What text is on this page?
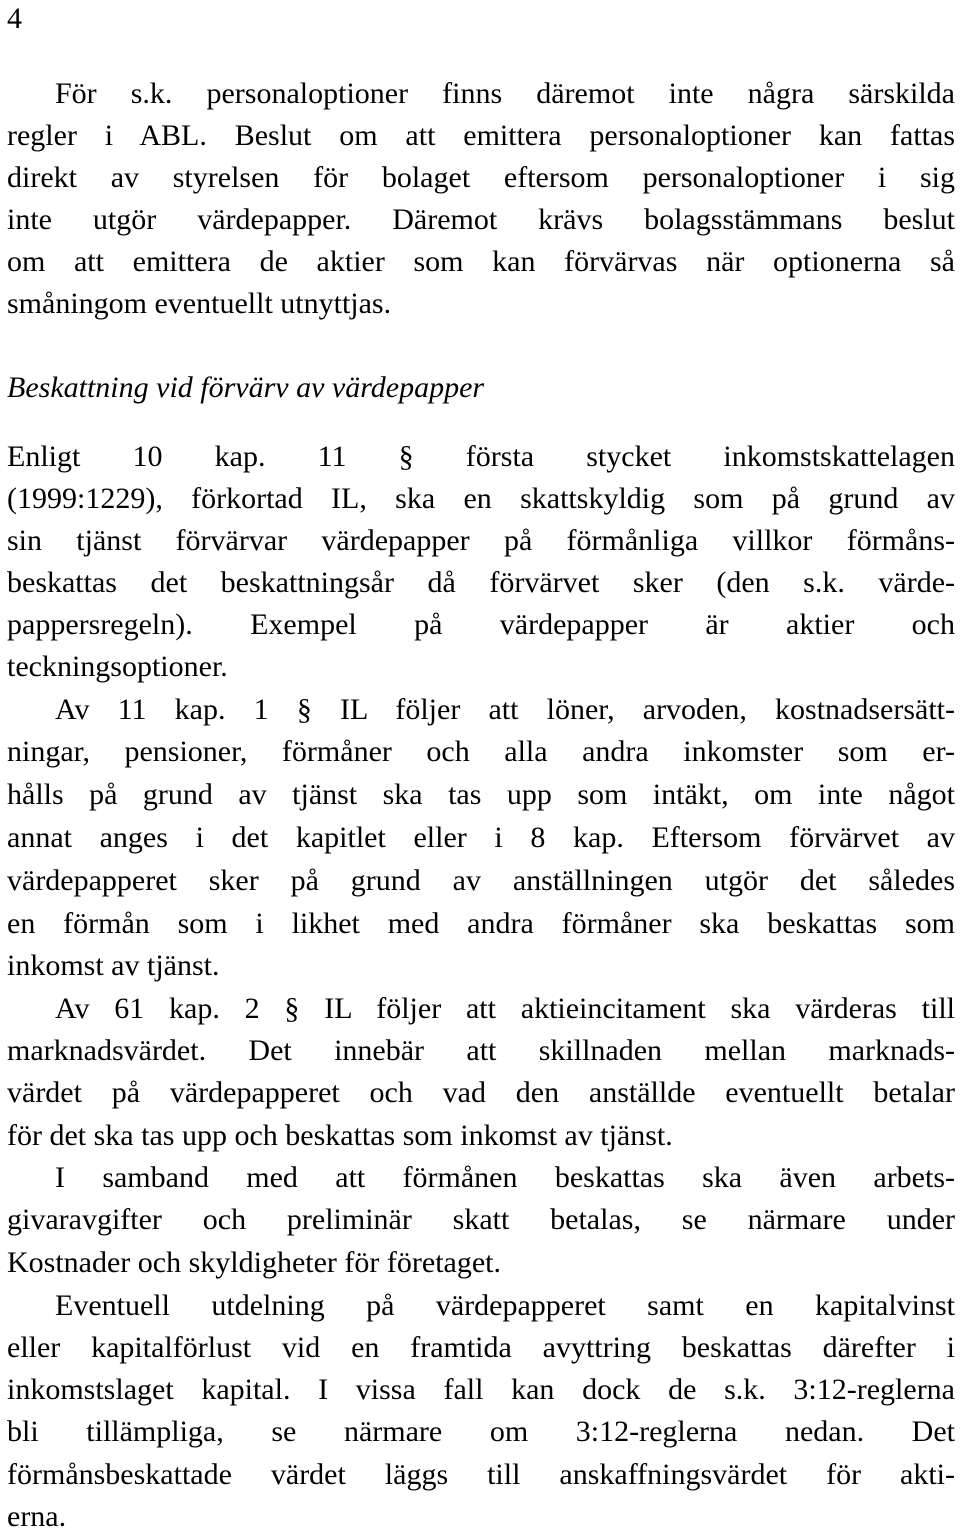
4
För s.k. personaloptioner finns däremot inte några särskilda
regler i ABL. Beslut om att emittera personaloptioner kan fattas
direkt av styrelsen för bolaget eftersom personaloptioner i sig
inte utgör värdepapper. Däremot krävs bolagsstämmans beslut
om att emittera de aktier som kan förvärvas när optionerna så
småningom eventuellt utnyttjas.
Beskattning vid förvärv av värdepapper
Enligt 10 kap. 11 § första stycket inkomstskattelagen
(1999:1229), förkortad IL, ska en skattskyldig som på grund av
sin tjänst förvärvar värdepapper på förmånliga villkor förmåns-
beskattas det beskattningsår då förvärvet sker (den s.k. värde-
pappersregeln). Exempel på värdepapper är aktier och
teckningsoptioner.
Av 11 kap. 1 § IL följer att löner, arvoden, kostnadsersätt-
ningar, pensioner, förmåner och alla andra inkomster som er-
hålls på grund av tjänst ska tas upp som intäkt, om inte något
annat anges i det kapitlet eller i 8 kap. Eftersom förvärvet av
värdepapperet sker på grund av anställningen utgör det således
en förmån som i likhet med andra förmåner ska beskattas som
inkomst av tjänst.
Av 61 kap. 2 § IL följer att aktieincitament ska värderas till
marknadsvärdet. Det innebär att skillnaden mellan marknads-
värdet på värdepapperet och vad den anställde eventuellt betalar
för det ska tas upp och beskattas som inkomst av tjänst.
I samband med att förmånen beskattas ska även arbets-
givaravgifter och preliminär skatt betalas, se närmare under
Kostnader och skyldigheter för företaget.
Eventuell utdelning på värdepapperet samt en kapitalvinst
eller kapitalförlust vid en framtida avyttring beskattas därefter i
inkomstslaget kapital. I vissa fall kan dock de s.k. 3:12-reglerna
bli tillämpliga, se närmare om 3:12-reglerna nedan. Det
förmånsbeskattade värdet läggs till anskaffningsvärdet för akti-
erna.
